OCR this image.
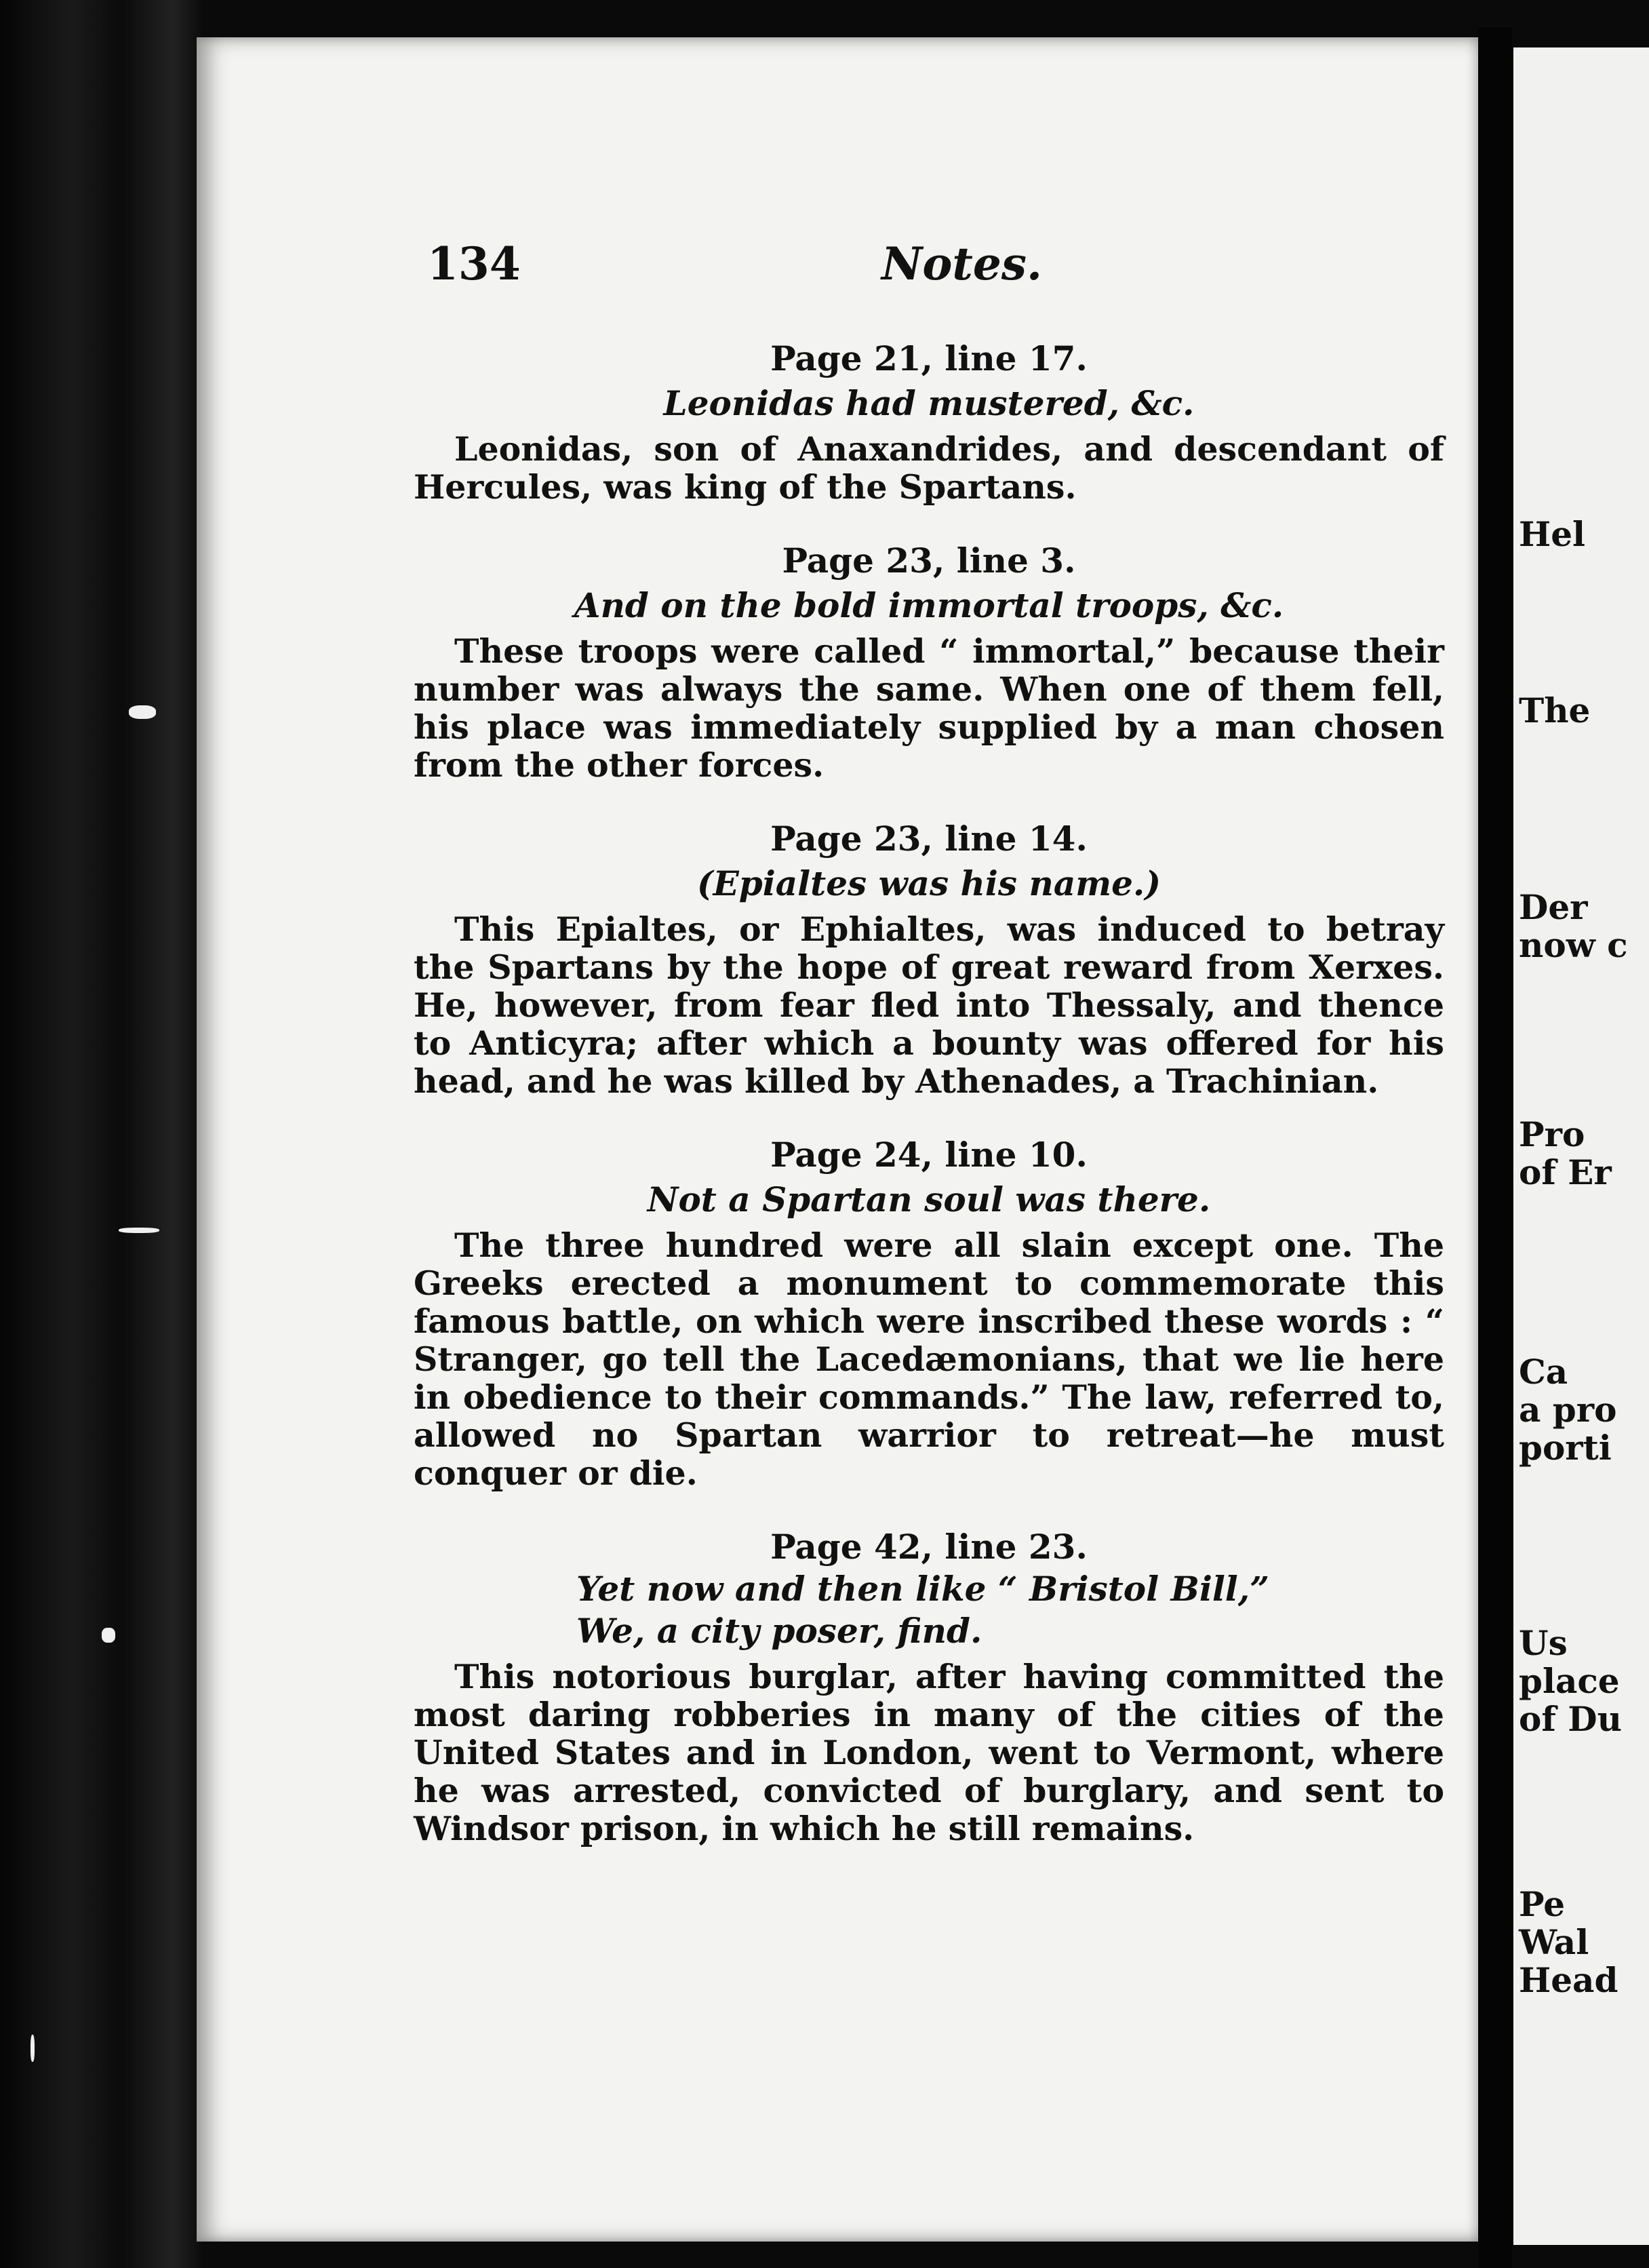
Hel
The
Der
now c
Pro
of Er
Ca
a pro
porti
Us
place
of Du
Pe
Wal
Head
134	Notes.
Page 21, line 17.
Leonidas had mustered, &c.
Leonidas, son of Anaxandrides, and descendant of Hercules, was king of the Spartans.
Page 23, line 3.
And on the bold immortal troops, &c.
These troops were called “ immortal,” because their number was always the same. When one of them fell, his place was immediately supplied by a man chosen from the other forces.
Page 23, line 14.
(Epialtes was his name.)
This Epialtes, or Ephialtes, was induced to betray the Spartans by the hope of great reward from Xerxes. He, however, from fear fled into Thessaly, and thence to Anticyra; after which a bounty was offered for his head, and he was killed by Athenades, a Trachinian.
Page 24, line 10.
Not a Spartan soul was there.
The three hundred were all slain except one. The Greeks erected a monument to commemorate this famous battle, on which were inscribed these words : “ Stranger, go tell the Lacedæmonians, that we lie here in obedience to their commands.” The law, referred to, allowed no Spartan warrior to retreat—he must conquer or die.
Page 42, line 23.
Yet now and then like “ Bristol Bill,”
We, a city poser, find.
This notorious burglar, after having committed the most daring robberies in many of the cities of the United States and in London, went to Vermont, where he was arrested, convicted of burglary, and sent to Windsor prison, in which he still remains.
